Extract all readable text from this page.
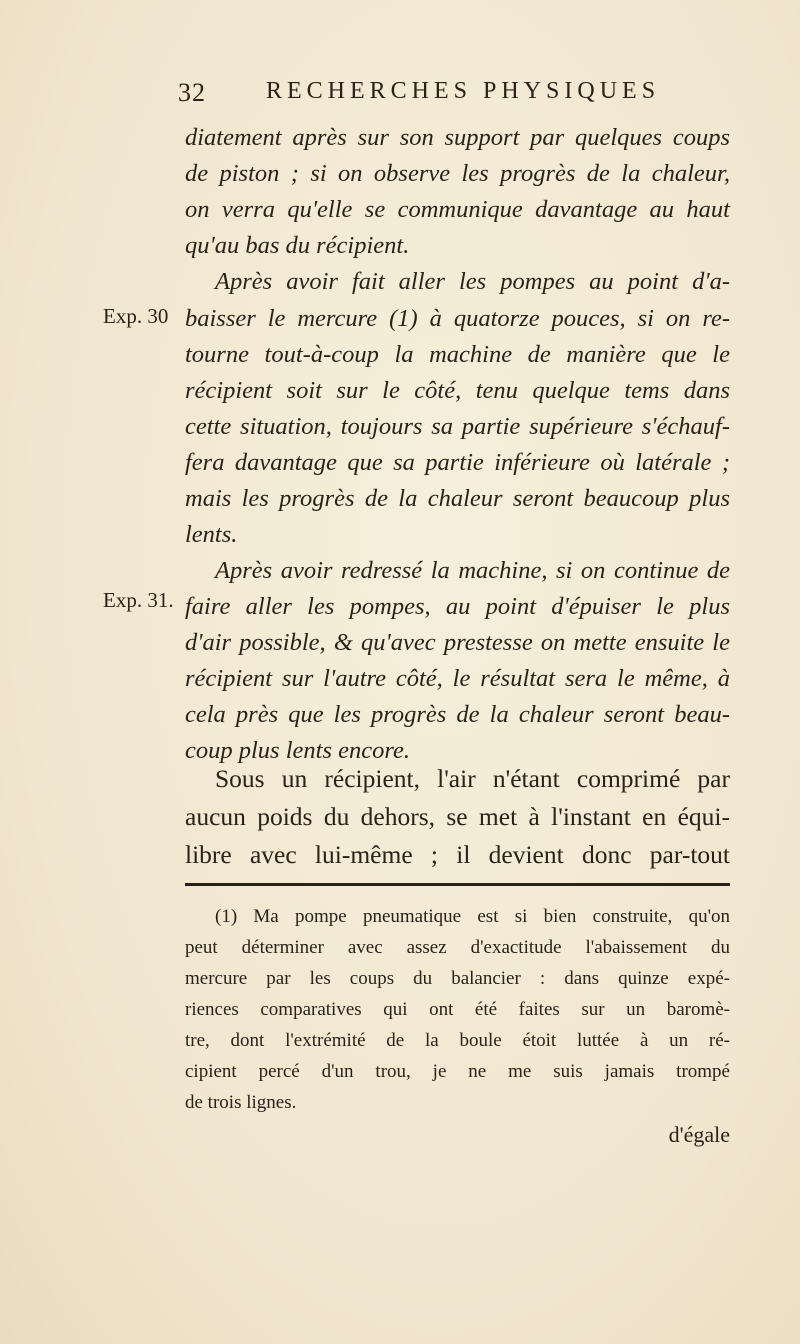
32	RECHERCHES PHYSIQUES
Exp. 30
Exp. 31.
diatement après sur son support par quelques coups
de piston ; si on observe les progrès de la chaleur,
on verra qu'elle se communique davantage au haut
qu'au bas du récipient.
Après avoir fait aller les pompes au point d'a-
baisser le mercure (1) à quatorze pouces, si on re-
tourne tout-à-coup la machine de manière que le
récipient soit sur le côté, tenu quelque tems dans
cette situation, toujours sa partie supérieure s'échauf-
fera davantage que sa partie inférieure où latérale ;
mais les progrès de la chaleur seront beaucoup plus
lents.
Après avoir redressé la machine, si on continue de
faire aller les pompes, au point d'épuiser le plus
d'air possible, & qu'avec prestesse on mette ensuite le
récipient sur l'autre côté, le résultat sera le même, à
cela près que les progrès de la chaleur seront beau-
coup plus lents encore.
Sous un récipient, l'air n'étant comprimé par
aucun poids du dehors, se met à l'instant en équi-
libre avec lui-même ; il devient donc par-tout
(1) Ma pompe pneumatique est si bien construite, qu'on
peut déterminer avec assez d'exactitude l'abaissement du
mercure par les coups du balancier : dans quinze expé-
riences comparatives qui ont été faites sur un baromè-
tre, dont l'extrémité de la boule étoit luttée à un ré-
cipient percé d'un trou, je ne me suis jamais trompé
de trois lignes.
d'égale
